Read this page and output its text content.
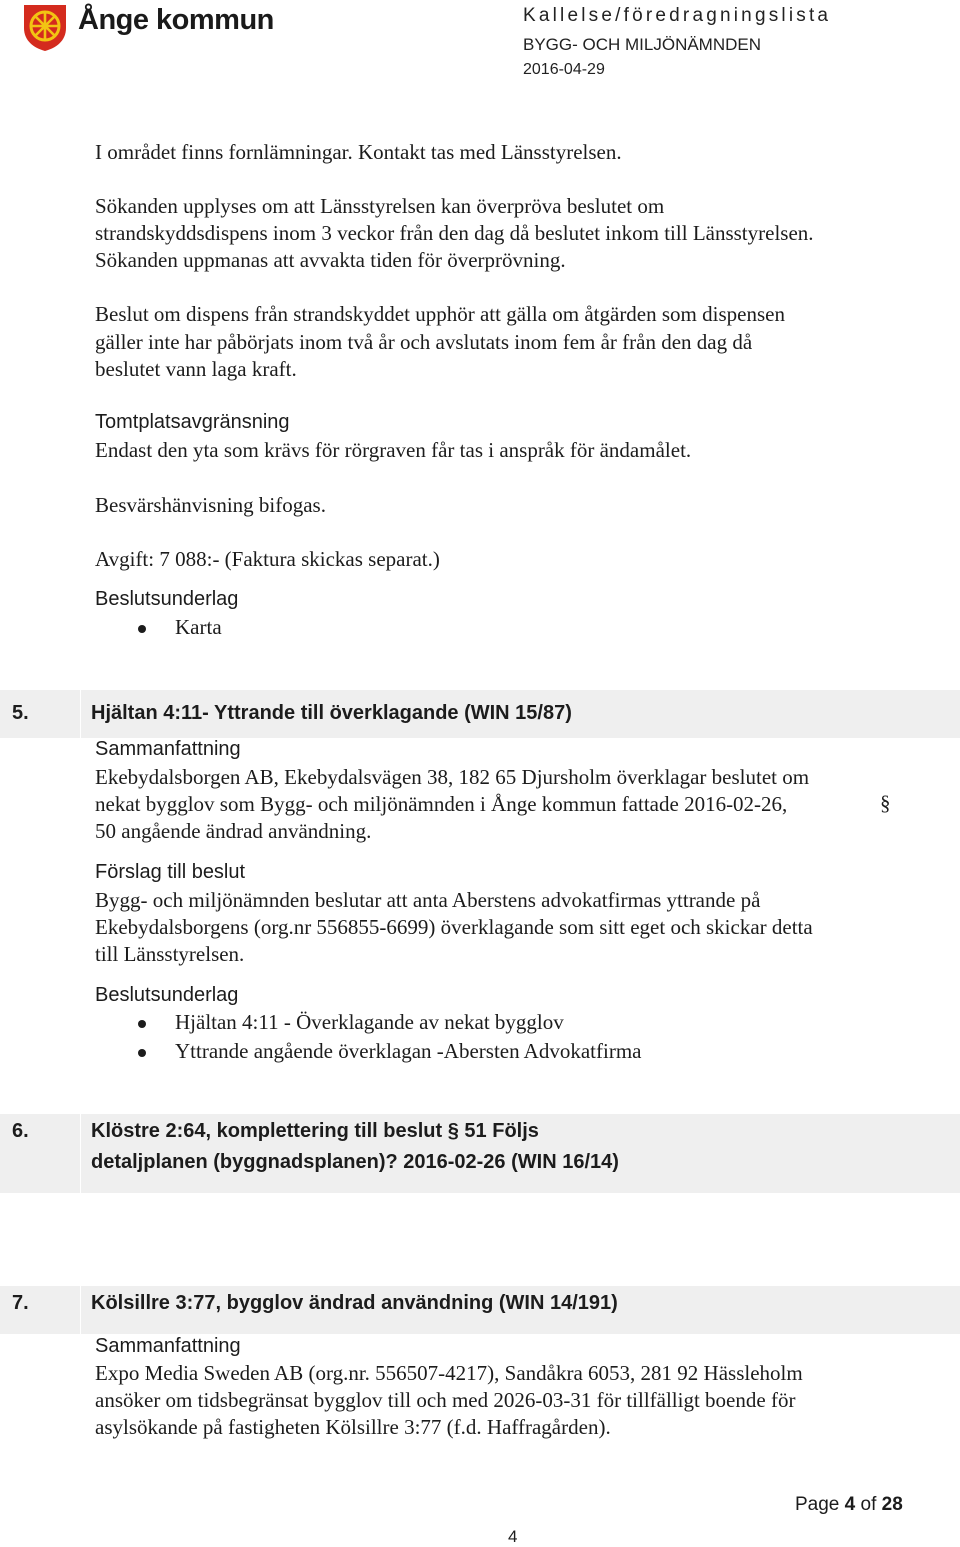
Ånge kommun	Kallelse/föredragningslista
BYGG- OCH MILJÖNÄMNDEN
2016-04-29

I området finns fornlämningar. Kontakt tas med Länsstyrelsen.

Sökanden upplyses om att Länsstyrelsen kan överpröva beslutet om

strandskyddsdispens inom 3 veckor från den dag då beslutet inkom till Länsstyrelsen.

Sökanden uppmanas att avvakta tiden för överprövning.

Beslut om dispens från strandskyddet upphör att gälla om åtgärden som dispensen

gäller inte har påbörjats inom två år och avslutats inom fem år från den dag då

beslutet vann laga kraft.

Tomtplatsavgränsning

Endast den yta som krävs för rörgraven får tas i anspråk för ändamålet.

Besvärshänvisning bifogas.

Avgift: 7 088:- (Faktura skickas separat.)

Beslutsunderlag

Karta
5.	Hjältan 4:11- Yttrande till överklagande (WIN 15/87)

Sammanfattning

Ekebydalsborgen AB, Ekebydalsvägen 38, 182 65 Djursholm överklagar beslutet om

nekat bygglov som Bygg- och miljönämnden i Ånge kommun fattade 2016-02-26,	§

50 angående ändrad användning.

Förslag till beslut

Bygg- och miljönämnden beslutar att anta Aberstens advokatfirmas yttrande på

Ekebydalsborgens (org.nr 556855-6699) överklagande som sitt eget och skickar detta

till Länsstyrelsen.

Beslutsunderlag

Hjältan 4:11 - Överklagande av nekat bygglov
Yttrande angående överklagan -Abersten Advokatfirma
6.	Klöstre 2:64, komplettering till beslut § 51 Följs
detaljplanen (byggnadsplanen)? 2016-02-26 (WIN 16/14)
7.	Kölsillre 3:77, bygglov ändrad användning (WIN 14/191)

Sammanfattning

Expo Media Sweden AB (org.nr. 556507-4217), Sandåkra 6053, 281 92 Hässleholm

ansöker om tidsbegränsat bygglov till och med 2026-03-31 för tillfälligt boende för

asylsökande på fastigheten Kölsillre 3:77 (f.d. Haffragården).

Page 4 of 28
4
